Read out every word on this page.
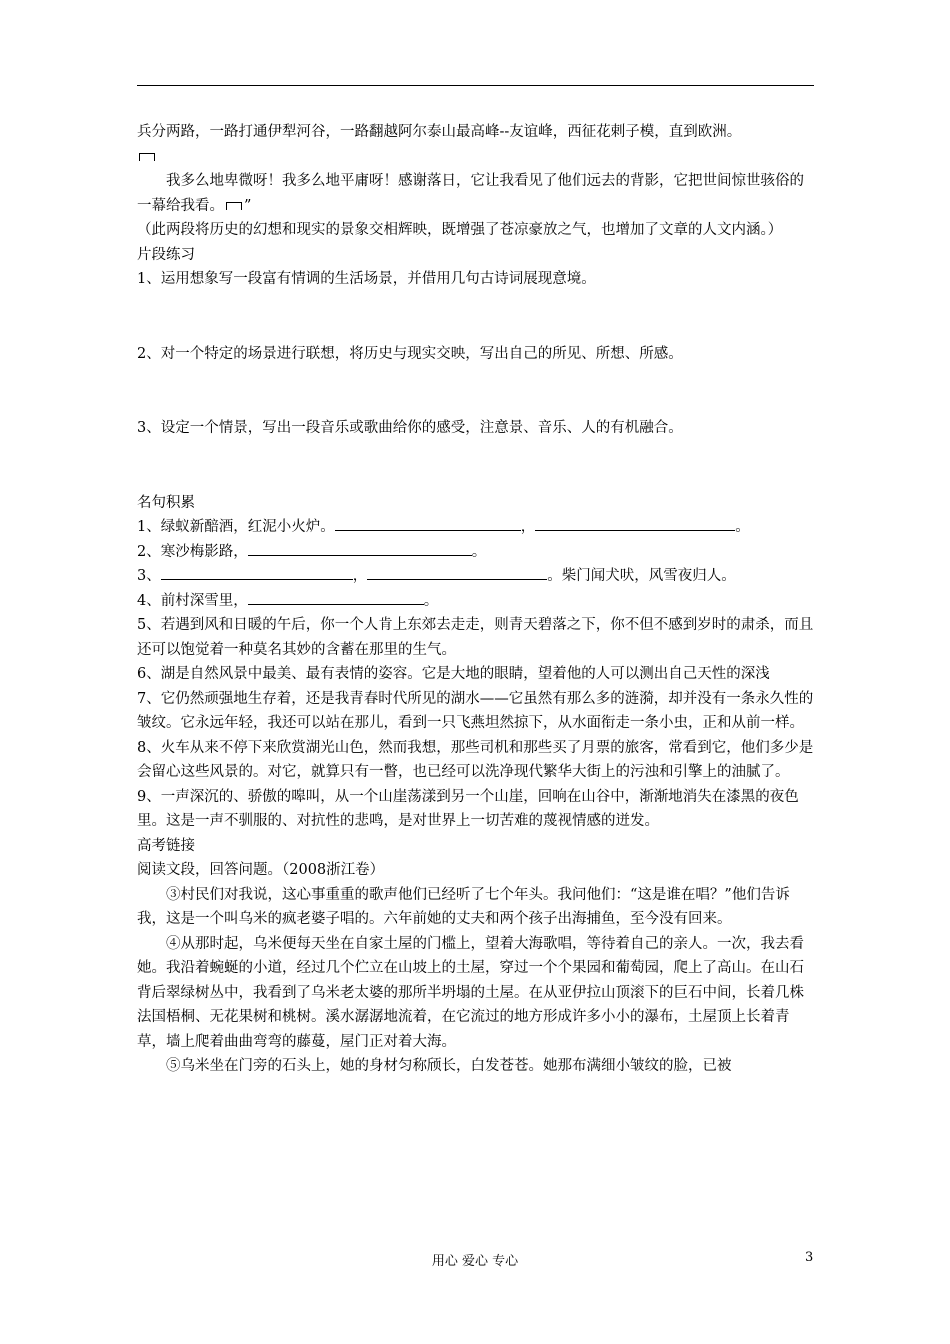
兵分两路，一路打通伊犁河谷，一路翻越阿尔泰山最高峰--友谊峰，西征花剌子模，直到欧洲。

我多么地卑微呀！我多么地平庸呀！感谢落日，它让我看见了他们远去的背影，它把世间惊世骇俗的一幕给我看。 ”

（此两段将历史的幻想和现实的景象交相辉映，既增强了苍凉豪放之气，也增加了文章的人文内涵。）

片段练习

1、运用想象写一段富有情调的生活场景，并借用几句古诗词展现意境。

2、对一个特定的场景进行联想，将历史与现实交映，写出自己的所见、所想、所感。

3、设定一个情景，写出一段音乐或歌曲给你的感受，注意景、音乐、人的有机融合。

名句积累

1、绿蚁新醅酒，红泥小火炉。	，	。

2、寒沙梅影路，	。

3、	，	。柴门闻犬吠，风雪夜归人。

4、前村深雪里，	。

5、若遇到风和日暖的午后，你一个人肯上东郊去走走，则青天碧落之下，你不但不感到岁时的肃杀，而且还可以饱觉着一种莫名其妙的含蓄在那里的生气。

6、湖是自然风景中最美、最有表情的姿容。它是大地的眼睛，望着他的人可以测出自己天性的深浅

7、它仍然顽强地生存着，还是我青春时代所见的湖水——它虽然有那么多的涟漪，却并没有一条永久性的皱纹。它永远年轻，我还可以站在那儿，看到一只飞燕坦然掠下，从水面衔走一条小虫，正和从前一样。

8、火车从来不停下来欣赏湖光山色，然而我想，那些司机和那些买了月票的旅客，常看到它，他们多少是会留心这些风景的。对它，就算只有一瞥，也已经可以洗净现代繁华大街上的污浊和引擎上的油腻了。

9、一声深沉的、骄傲的嗥叫，从一个山崖荡漾到另一个山崖，回响在山谷中，渐渐地消失在漆黑的夜色里。这是一声不驯服的、对抗性的悲鸣，是对世界上一切苦难的蔑视情感的迸发。

高考链接

阅读文段，回答问题。（2008浙江卷）

③村民们对我说，这心事重重的歌声他们已经听了七个年头。我问他们：“这是谁在唱？”他们告诉我，这是一个叫乌米的疯老婆子唱的。六年前她的丈夫和两个孩子出海捕鱼，至今没有回来。

④从那时起，乌米便每天坐在自家土屋的门槛上，望着大海歌唱，等待着自己的亲人。一次，我去看她。我沿着蜿蜒的小道，经过几个伫立在山坡上的土屋，穿过一个个果园和葡萄园，爬上了高山。在山石背后翠绿树丛中，我看到了乌米老太婆的那所半坍塌的土屋。在从亚伊拉山顶滚下的巨石中间，长着几株法国梧桐、无花果树和桃树。溪水潺潺地流着，在它流过的地方形成许多小小的瀑布，土屋顶上长着青草，墙上爬着曲曲弯弯的藤蔓，屋门正对着大海。

⑤乌米坐在门旁的石头上，她的身材匀称颀长，白发苍苍。她那布满细小皱纹的脸，已被

用心 爱心 专心	3
